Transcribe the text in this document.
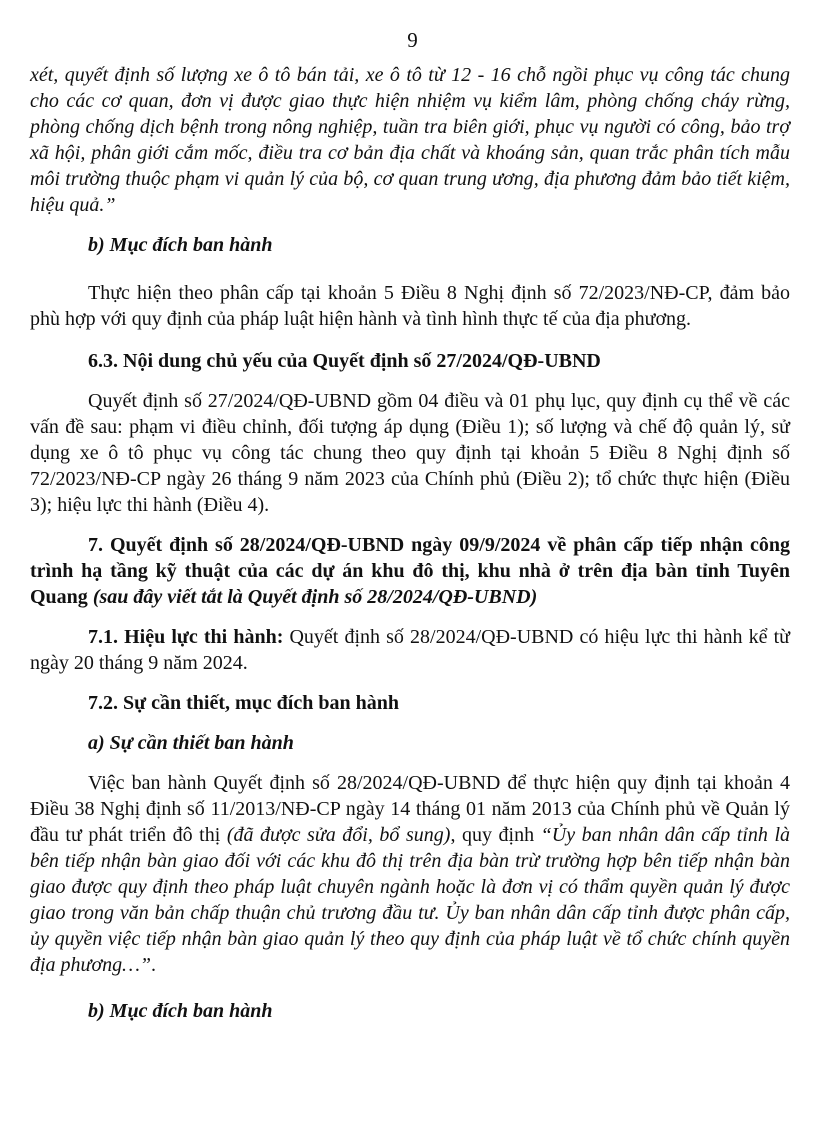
9

xét, quyết định số lượng xe ô tô bán tải, xe ô tô từ 12 - 16 chỗ ngồi phục vụ công tác chung cho các cơ quan, đơn vị được giao thực hiện nhiệm vụ kiểm lâm, phòng chống cháy rừng, phòng chống dịch bệnh trong nông nghiệp, tuần tra biên giới, phục vụ người có công, bảo trợ xã hội, phân giới cắm mốc, điều tra cơ bản địa chất và khoáng sản, quan trắc phân tích mẫu môi trường thuộc phạm vi quản lý của bộ, cơ quan trung ương, địa phương đảm bảo tiết kiệm, hiệu quả.”

b) Mục đích ban hành

Thực hiện theo phân cấp tại khoản 5 Điều 8 Nghị định số 72/2023/NĐ-CP, đảm bảo phù hợp với quy định của pháp luật hiện hành và tình hình thực tế của địa phương.

6.3. Nội dung chủ yếu của Quyết định số 27/2024/QĐ-UBND

Quyết định số 27/2024/QĐ-UBND gồm 04 điều và 01 phụ lục, quy định cụ thể về các vấn đề sau: phạm vi điều chỉnh, đối tượng áp dụng (Điều 1); số lượng và chế độ quản lý, sử dụng xe ô tô phục vụ công tác chung theo quy định tại khoản 5 Điều 8 Nghị định số 72/2023/NĐ-CP ngày 26 tháng 9 năm 2023 của Chính phủ (Điều 2); tổ chức thực hiện (Điều 3); hiệu lực thi hành (Điều 4).

7. Quyết định số 28/2024/QĐ-UBND ngày 09/9/2024 về phân cấp tiếp nhận công trình hạ tầng kỹ thuật của các dự án khu đô thị, khu nhà ở trên địa bàn tỉnh Tuyên Quang (sau đây viết tắt là Quyết định số 28/2024/QĐ-UBND)

7.1. Hiệu lực thi hành: Quyết định số 28/2024/QĐ-UBND có hiệu lực thi hành kể từ ngày 20 tháng 9 năm 2024.

7.2. Sự cần thiết, mục đích ban hành

a) Sự cần thiết ban hành

Việc ban hành Quyết định số 28/2024/QĐ-UBND để thực hiện quy định tại khoản 4 Điều 38 Nghị định số 11/2013/NĐ-CP ngày 14 tháng 01 năm 2013 của Chính phủ về Quản lý đầu tư phát triển đô thị (đã được sửa đổi, bổ sung), quy định “Ủy ban nhân dân cấp tỉnh là bên tiếp nhận bàn giao đối với các khu đô thị trên địa bàn trừ trường hợp bên tiếp nhận bàn giao được quy định theo pháp luật chuyên ngành hoặc là đơn vị có thẩm quyền quản lý được giao trong văn bản chấp thuận chủ trương đầu tư. Ủy ban nhân dân cấp tỉnh được phân cấp, ủy quyền việc tiếp nhận bàn giao quản lý theo quy định của pháp luật về tổ chức chính quyền địa phương…”.

b) Mục đích ban hành
